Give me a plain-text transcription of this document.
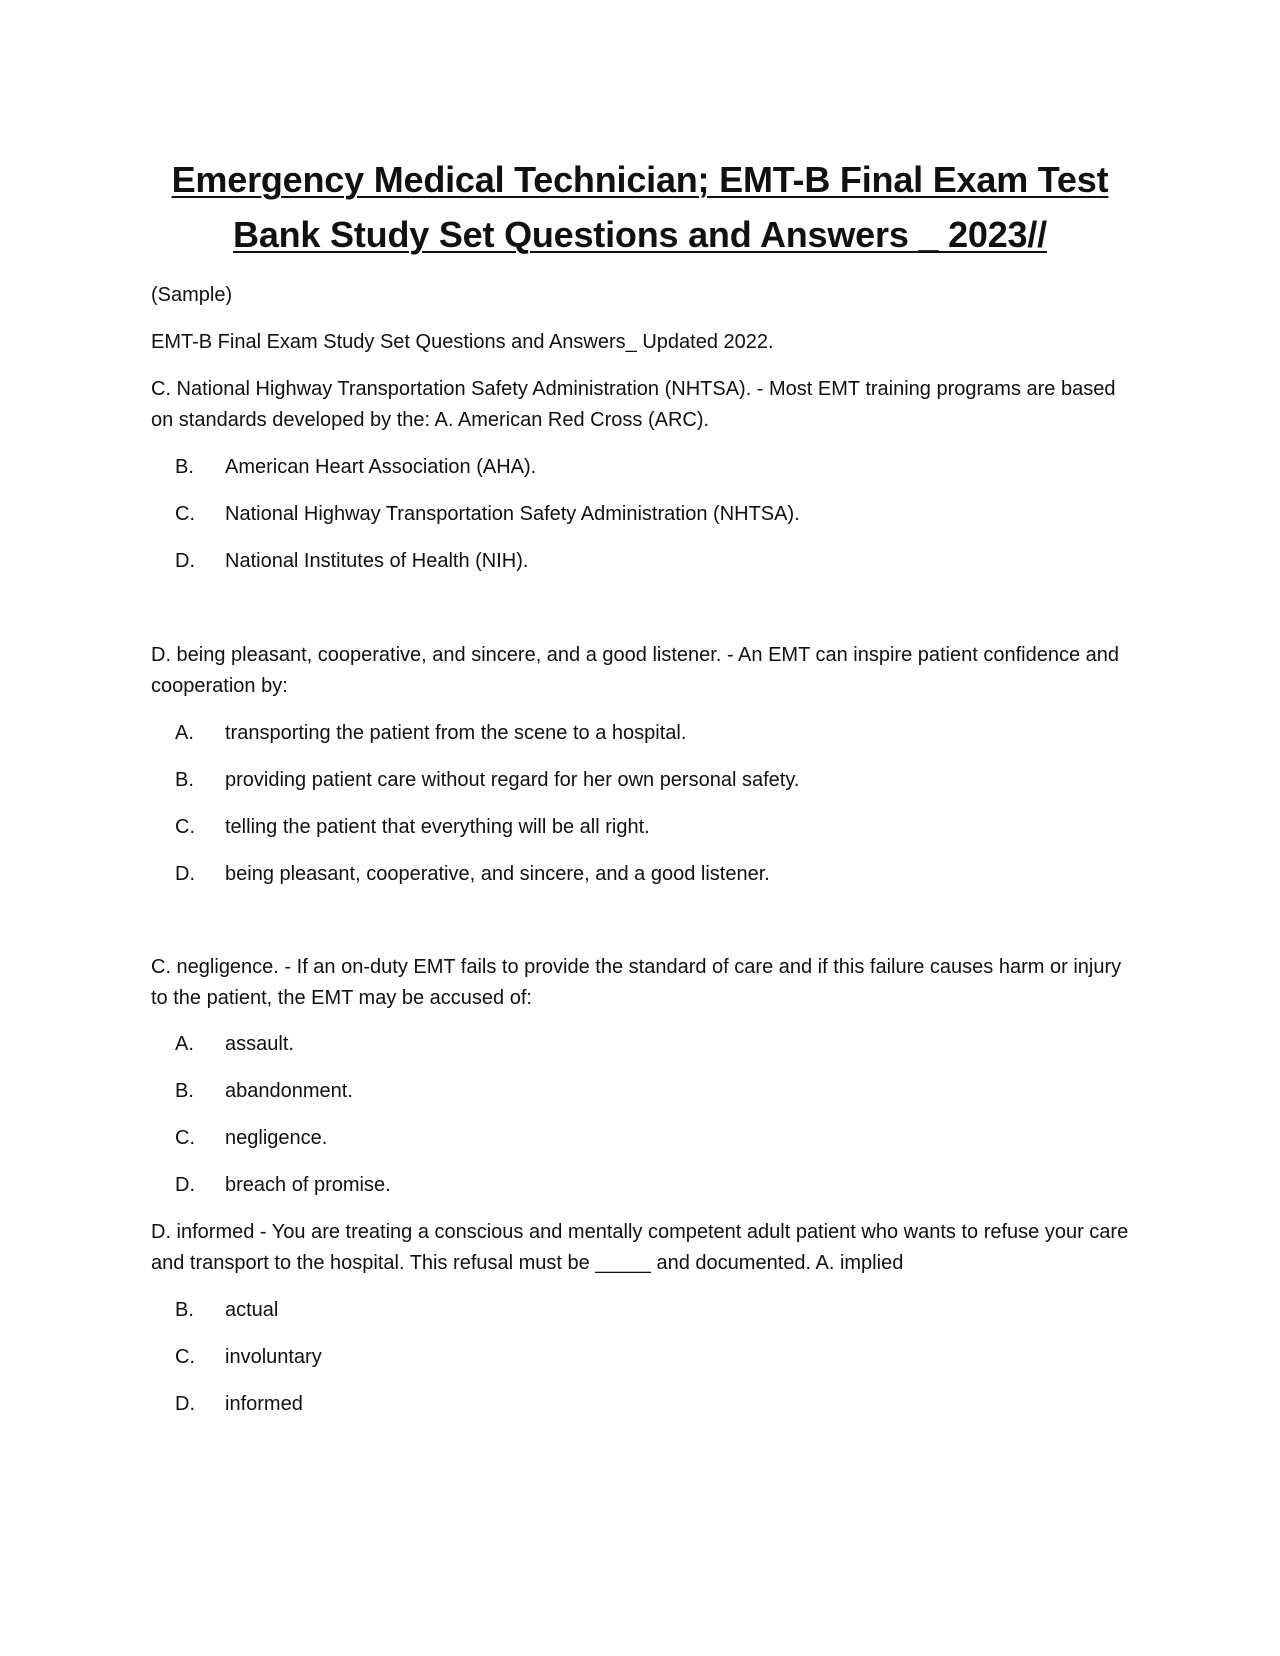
Emergency Medical Technician; EMT-B Final Exam Test Bank Study Set Questions and Answers _ 2023//
(Sample)
EMT-B Final Exam Study Set Questions and Answers_ Updated 2022.
C. National Highway Transportation Safety Administration (NHTSA). - Most EMT training programs are based on standards developed by the: A. American Red Cross (ARC).
B. American Heart Association (AHA).
C. National Highway Transportation Safety Administration (NHTSA).
D. National Institutes of Health (NIH).
D. being pleasant, cooperative, and sincere, and a good listener. - An EMT can inspire patient confidence and cooperation by:
A. transporting the patient from the scene to a hospital.
B. providing patient care without regard for her own personal safety.
C. telling the patient that everything will be all right.
D. being pleasant, cooperative, and sincere, and a good listener.
C. negligence. - If an on-duty EMT fails to provide the standard of care and if this failure causes harm or injury to the patient, the EMT may be accused of:
A. assault.
B. abandonment.
C. negligence.
D. breach of promise.
D. informed - You are treating a conscious and mentally competent adult patient who wants to refuse your care and transport to the hospital. This refusal must be _____ and documented. A. implied
B. actual
C. involuntary
D. informed
